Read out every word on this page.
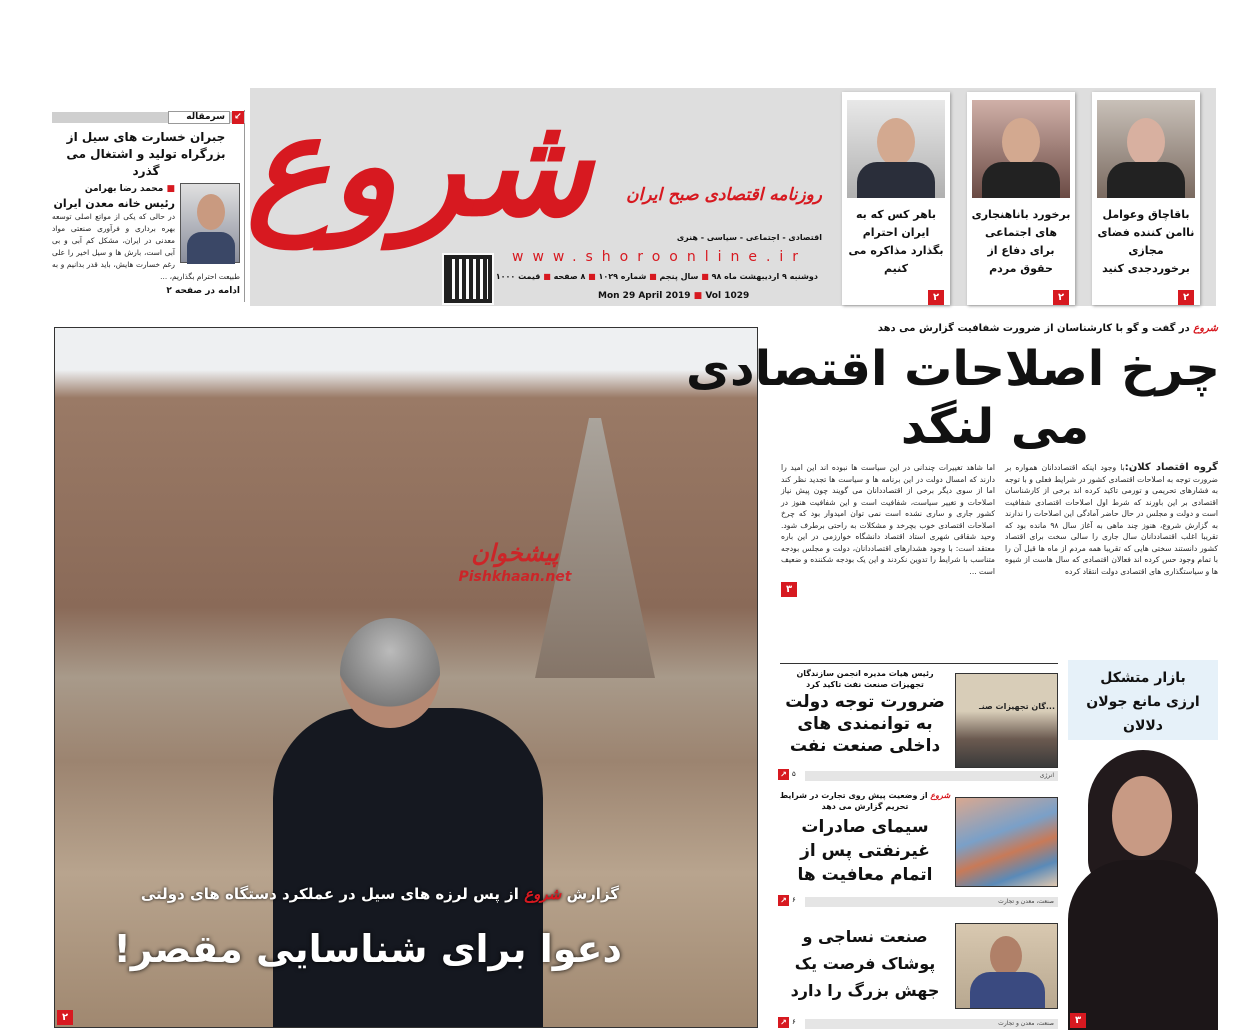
سرمقاله	↙
جبران خسارت های سیل از بزرگراه تولید و اشتغال می گذرد
■ محمد رضا بهرامن
رئیس خانه معدن ایران
در حالی که یکی از مواتع اصلی توسعه بهره برداری و فرآوری صنعتی مواد معدنی در ایران، مشکل کم آبی و بی آبی است، بارش ها و سیل اخیر را علی رغم خسارت هایش، باید قدر بدانیم و به طبیعت احترام بگذاریم، ...
ادامه در صفحه ۲
شروع	روزنامه اقتصادی صبح ایران
اقتصادی - اجتماعی - سیاسی - هنری
www.shoroonline.ir
دوشنبه ۹ اردیبهشت ماه ۹۸ ■ سال پنجم ■ شماره ۱۰۲۹ ■ ۸ صفحه ■ قیمت ۱۰۰۰
Mon 29 April 2019 ■ Vol 1029
باقاچاق وعوامل ناامن کننده فضای مجازی برخوردجدی کنید
۲
برخورد باناهنجاری های اجتماعی برای دفاع از حقوق مردم
۲
باهر کس که به ایران احترام بگذارد مذاکره می کنیم
۲
پیشخوان
Pishkhaan.net
گزارش شروع از پس لرزه های سیل در عملکرد دستگاه های دولتی
دعوا برای شناسایی مقصر!
۲
شروع در گفت و گو با کارشناسان از ضرورت شفافیت گزارش می دهد
چرخ اصلاحات اقتصادی
می لنگد
گروه اقتصاد کلان:با وجود اینکه اقتصاددانان همواره بر ضرورت توجه به اصلاحات اقتصادی کشور در شرایط فعلی و با توجه به فشارهای تحریمی و تورمی تاکید کرده اند برخی از کارشناسان اقتصادی بر این باورند که شرط اول اصلاحات اقتصادی شفافیت است و دولت و مجلس در حال حاضر آمادگی این اصلاحات را ندارند به گزارش شروع، هنوز چند ماهی به آغاز سال ۹۸ مانده بود که تقریبا اغلب اقتصاددانان سال جاری را سالی سخت برای اقتصاد کشور دانستند سختی هایی که تقریبا همه مردم از ماه ها قبل آن را با تمام وجود حس کرده اند فعالان اقتصادی که سال هاست از شیوه ها و سیاستگذاری های اقتصادی دولت انتقاد کرده
اما شاهد تغییرات چندانی در این سیاست ها نبوده اند این امید را دارند که امسال دولت در این برنامه ها و سیاست ها تجدید نظر کند اما از سوی دیگر برخی از اقتصاددانان می گویند چون پیش نیاز اصلاحات و تغییر سیاست، شفافیت است و این شفافیت هنوز در کشور جاری و ساری نشده است نمی توان امیدوار بود که چرخ اصلاحات اقتصادی خوب بچرخد و مشکلات به راحتی برطرف شود. وحید شقاقی شهری استاد اقتصاد دانشگاه خوارزمی در این باره معتقد است: با وجود هشدارهای اقتصاددانان، دولت و مجلس بودجه متناسب با شرایط را تدوین نکردند و این یک بودجه شکننده و ضعیف است ...
۳
رئیس هیات مدیره انجمن سازندگان تجهیزات صنعت نفت تاکید کرد
ضرورت توجه دولت به توانمندی های داخلی صنعت نفت
...گان تجهیزات صنـ
انرژی
↗ ۵
شروع از وضعیت پیش روی تجارت در شرایط تحریم گزارش می دهد
سیمای صادرات غیرنفتی پس از اتمام معافیت ها
صنعت، معدن و تجارت
↗ ۶
صنعت نساجی و پوشاک فرصت یک جهش بزرگ را دارد
صنعت، معدن و تجارت
↗ ۶
بازار متشکل ارزی مانع جولان دلالان
۳
